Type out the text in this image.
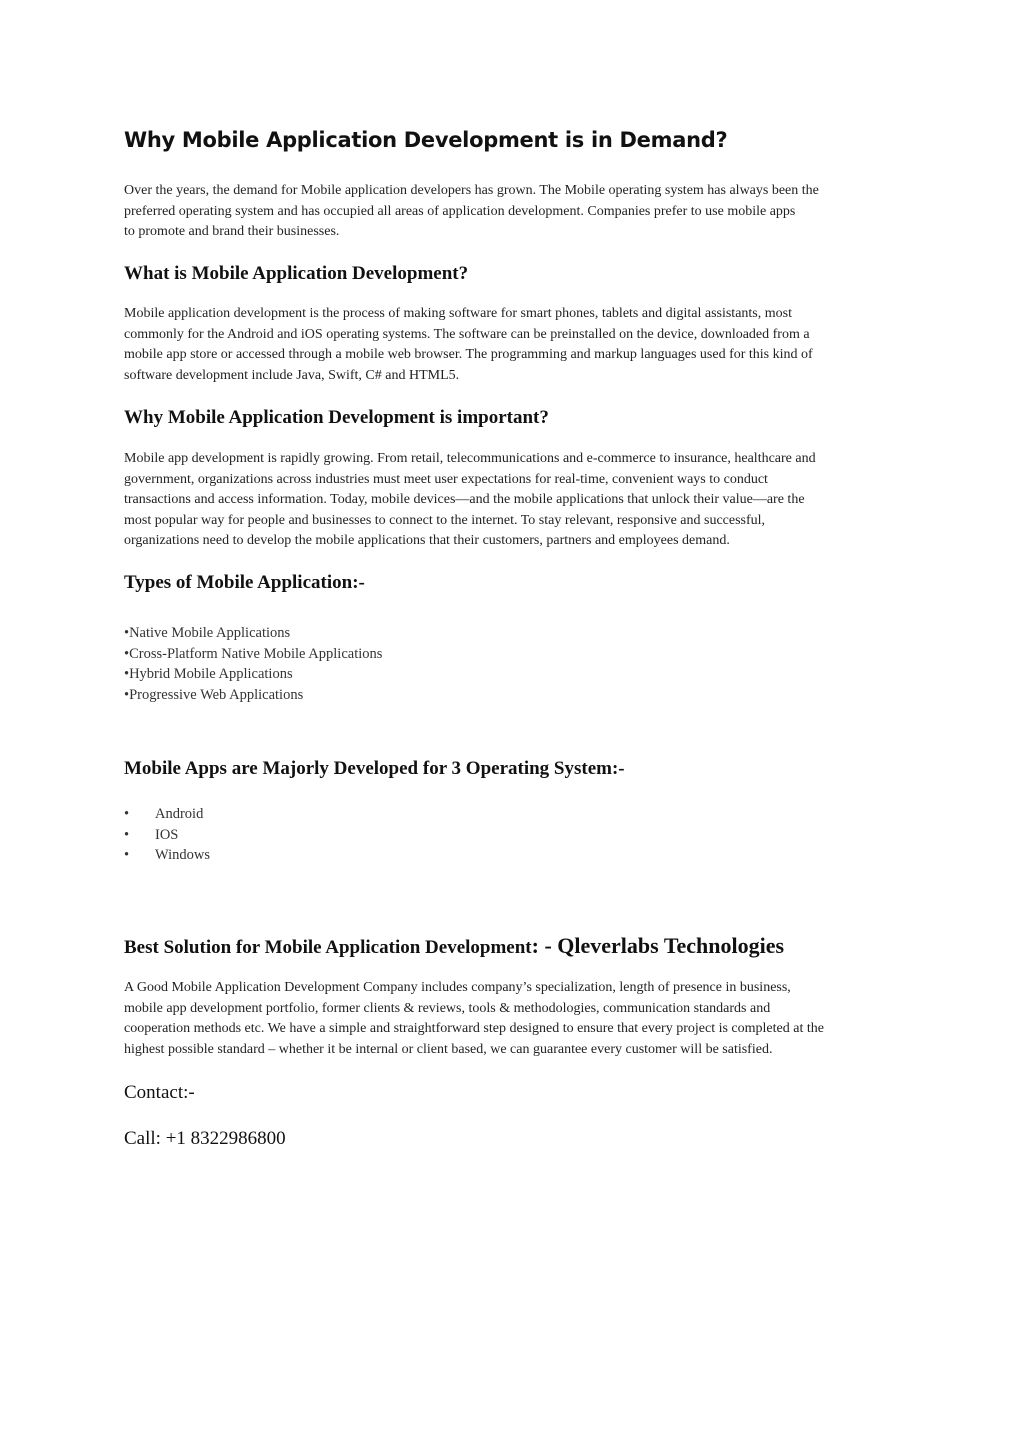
Why Mobile Application Development is in Demand?

Over the years, the demand for Mobile application developers has grown. The Mobile operating system has always been the
preferred operating system and has occupied all areas of application development. Companies prefer to use mobile apps
to promote and brand their businesses.

What is Mobile Application Development?

Mobile application development is the process of making software for smart phones, tablets and digital assistants, most
commonly for the Android and iOS operating systems. The software can be preinstalled on the device, downloaded from a
mobile app store or accessed through a mobile web browser. The programming and markup languages used for this kind of
software development include Java, Swift, C# and HTML5.

Why Mobile Application Development is important?

Mobile app development is rapidly growing. From retail, telecommunications and e-commerce to insurance, healthcare and
government, organizations across industries must meet user expectations for real-time, convenient ways to conduct
transactions and access information. Today, mobile devices—and the mobile applications that unlock their value—are the
most popular way for people and businesses to connect to the internet. To stay relevant, responsive and successful,
organizations need to develop the mobile applications that their customers, partners and employees demand.

Types of Mobile Application:-
•Native Mobile Applications
•Cross-Platform Native Mobile Applications
•Hybrid Mobile Applications
•Progressive Web Applications
Mobile Apps are Majorly Developed for 3 Operating System:-
• Android
• IOS
• Windows
Best Solution for Mobile Application Development: - Qleverlabs Technologies

A Good Mobile Application Development Company includes company’s specialization, length of presence in business,
mobile app development portfolio, former clients & reviews, tools & methodologies, communication standards and
cooperation methods etc. We have a simple and straightforward step designed to ensure that every project is completed at the
highest possible standard – whether it be internal or client based, we can guarantee every customer will be satisfied.

Contact:-

Call: +1 8322986800
